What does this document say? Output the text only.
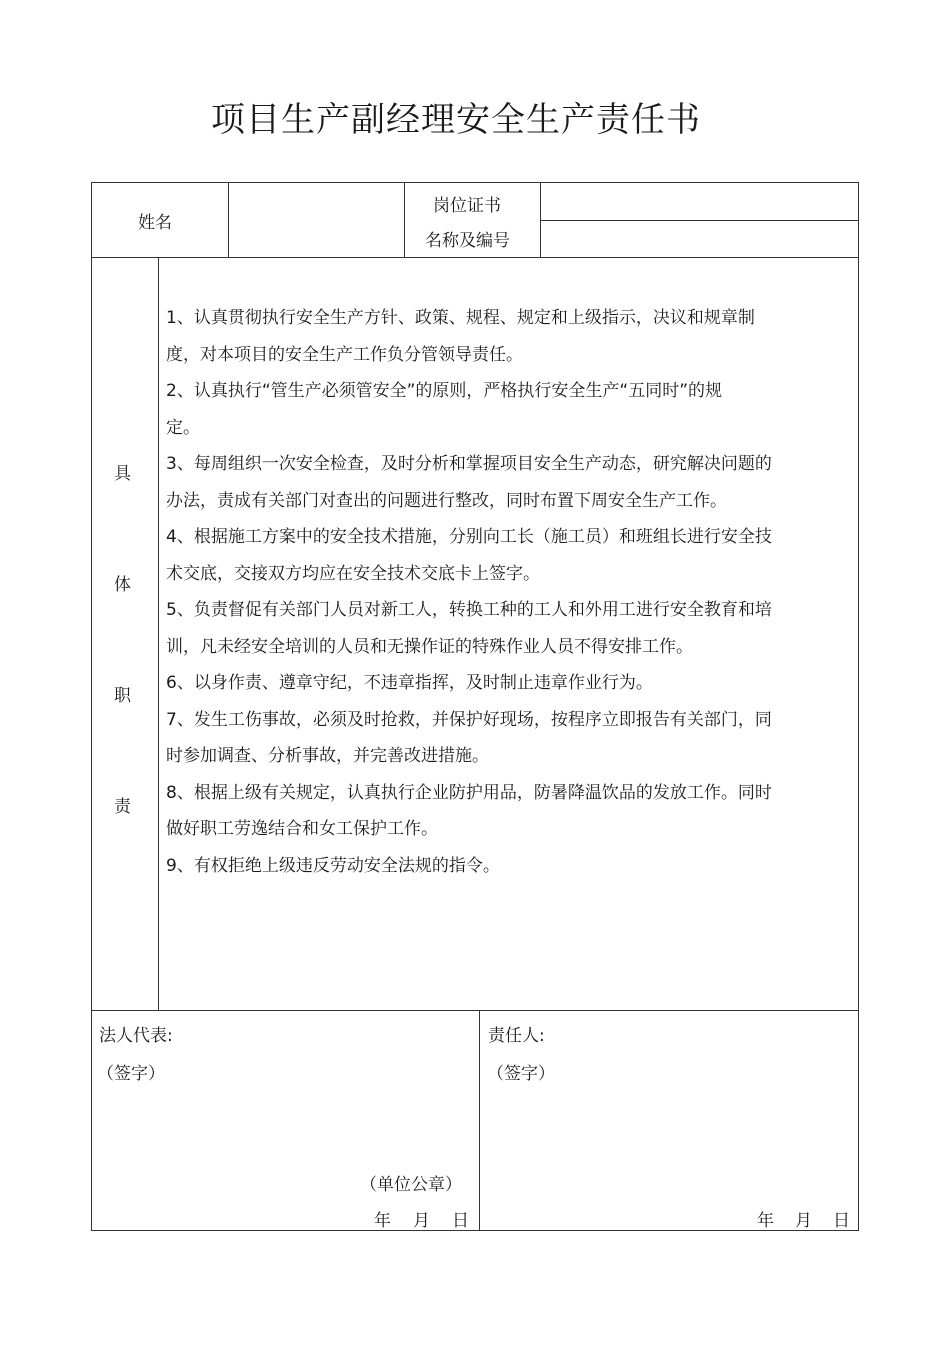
项目生产副经理安全生产责任书
姓名
岗位证书
名称及编号
具
体
职
责
1、认真贯彻执行安全生产方针、政策、规程、规定和上级指示，决议和规章制
度，对本项目的安全生产工作负分管领导责任。
2、认真执行“管生产必须管安全”的原则，严格执行安全生产“五同时”的规
定。
3、每周组织一次安全检查，及时分析和掌握项目安全生产动态，研究解决问题的
办法，责成有关部门对查出的问题进行整改，同时布置下周安全生产工作。
4、根据施工方案中的安全技术措施，分别向工长（施工员）和班组长进行安全技
术交底，交接双方均应在安全技术交底卡上签字。
5、负责督促有关部门人员对新工人，转换工种的工人和外用工进行安全教育和培
训，凡未经安全培训的人员和无操作证的特殊作业人员不得安排工作。
6、以身作责、遵章守纪，不违章指挥，及时制止违章作业行为。
7、发生工伤事故，必须及时抢救，并保护好现场，按程序立即报告有关部门，同
时参加调查、分析事故，并完善改进措施。
8、根据上级有关规定，认真执行企业防护用品，防暑降温饮品的发放工作。同时
做好职工劳逸结合和女工保护工作。
9、有权拒绝上级违反劳动安全法规的指令。
法人代表:
（签字）
（单位公章）
年 月 日
责任人:
（签字）
年 月 日
